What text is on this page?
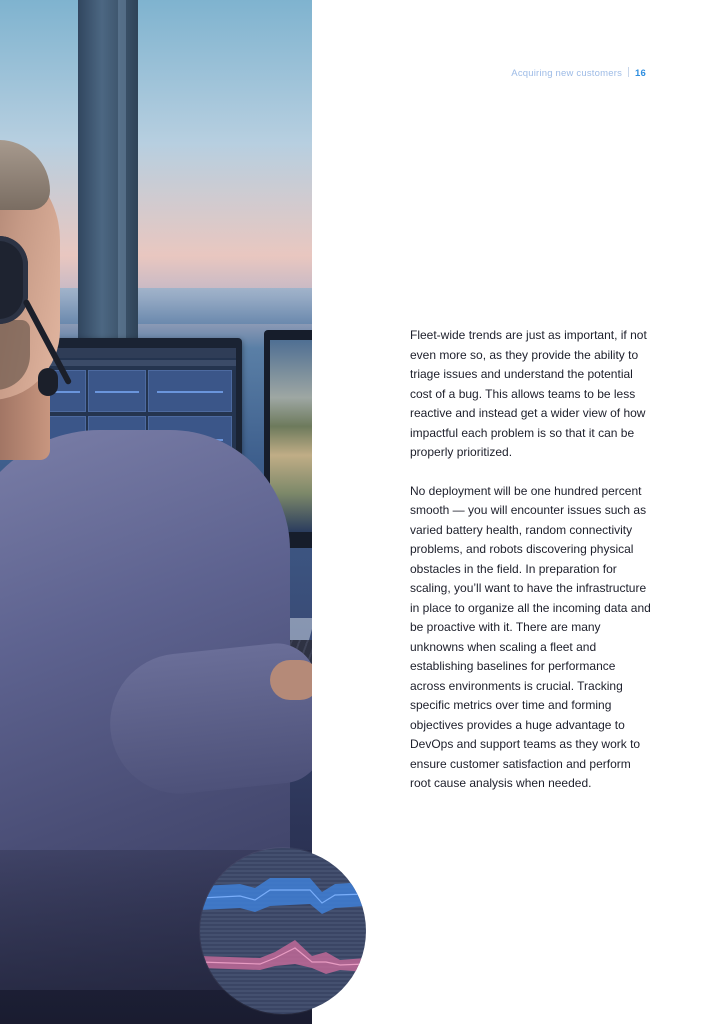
Acquiring new customers 16

Fleet-wide trends are just as important, if not even more so, as they provide the ability to triage issues and understand the potential cost of a bug. This allows teams to be less reactive and instead get a wider view of how impactful each problem is so that it can be properly prioritized.

No deployment will be one hundred percent smooth — you will encounter issues such as varied battery health, random connectivity problems, and robots discovering physical obstacles in the field. In preparation for scaling, you’ll want to have the infrastructure in place to organize all the incoming data and be proactive with it. There are many unknowns when scaling a fleet and establishing baselines for performance across environments is crucial. Tracking specific metrics over time and forming objectives provides a huge advantage to DevOps and support teams as they work to ensure customer satisfaction and perform root cause analysis when needed.
